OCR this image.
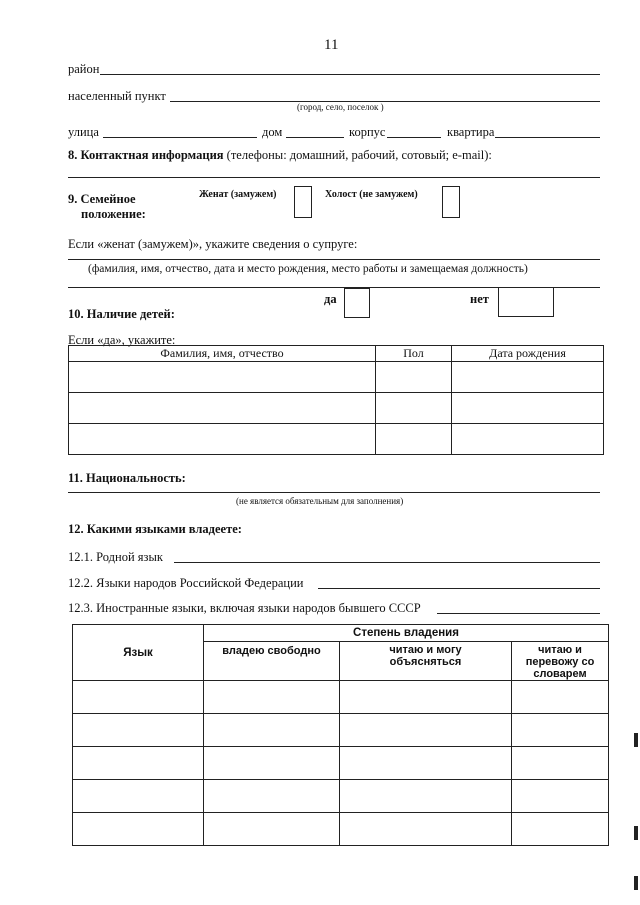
11
район
населенный пункт
(город, село, поселок )
улица	дом	корпус	квартира
8. Контактная информация (телефоны: домашний, рабочий, сотовый; e-mail):
9. Семейное
положение:
Женат (замужем)	Холост (не замужем)
Если «женат (замужем)», укажите сведения о супруге:
(фамилия, имя, отчество, дата и место рождения, место работы и замещаемая должность)
да	нет
10. Наличие детей:
Если «да», укажите:
Фамилия, имя, отчество	Пол	Дата рождения

11. Национальность:
(не является обязательным для заполнения)
12. Какими языками владеете:
12.1. Родной язык
12.2. Языки народов Российской Федерации
12.3. Иностранные языки, включая языки народов бывшего СССР
Язык	Степень владения		
	владею свободно	читаю и могу объясняться	читаю и перевожу со словарем
